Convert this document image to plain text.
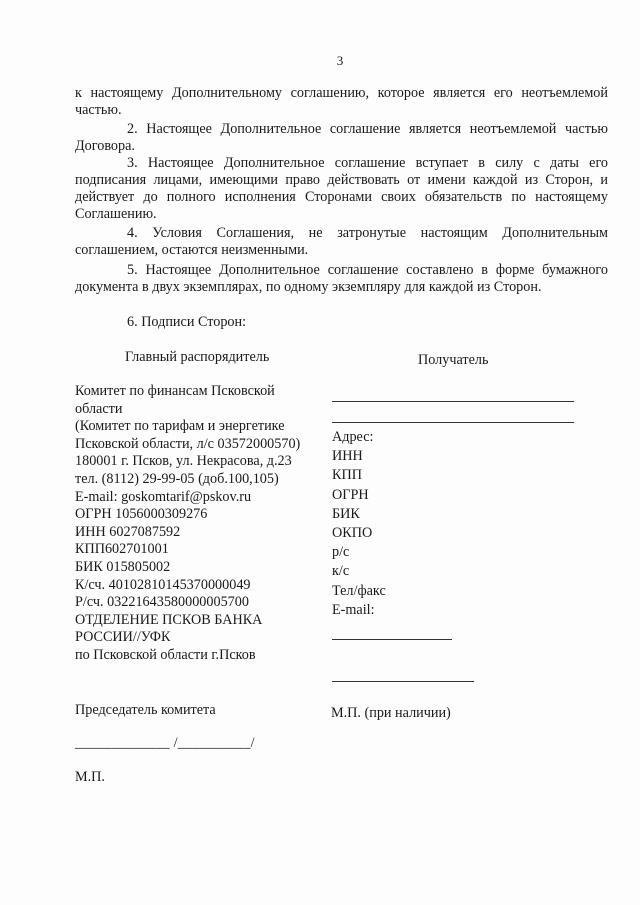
3
к настоящему Дополнительному соглашению, которое является его неотъемлемой частью.
2. Настоящее Дополнительное соглашение является неотъемлемой частью Договора.
3. Настоящее Дополнительное соглашение вступает в силу с даты его подписания лицами, имеющими право действовать от имени каждой из Сторон, и действует до полного исполнения Сторонами своих обязательств по настоящему Соглашению.
4. Условия Соглашения, не затронутые настоящим Дополнительным соглашением, остаются неизменными.
5. Настоящее Дополнительное соглашение составлено в форме бумажного документа в двух экземплярах, по одному экземпляру для каждой из Сторон.
6. Подписи Сторон:
Главный распорядитель	Получатель

Комитет по финансам Псковской

области

(Комитет по тарифам и энергетике

Псковской области, л/с 03572000570)

180001 г. Псков, ул. Некрасова, д.23

тел. (8112) 29-99-05 (доб.100,105)

E-mail: goskomtarif@pskov.ru

ОГРН 1056000309276

ИНН 6027087592

КПП602701001

БИК 015805002

К/сч. 40102810145370000049

Р/сч. 03221643580000005700

ОТДЕЛЕНИЕ ПСКОВ БАНКА

РОССИИ//УФК

по Псковской области г.Псков

Адрес:

ИНН

КПП

ОГРН

БИК

ОКПО

р/с

к/с

Тел/факс

E-mail:

Председатель комитета	М.П. (при наличии)
_____________ /__________/
М.П.
